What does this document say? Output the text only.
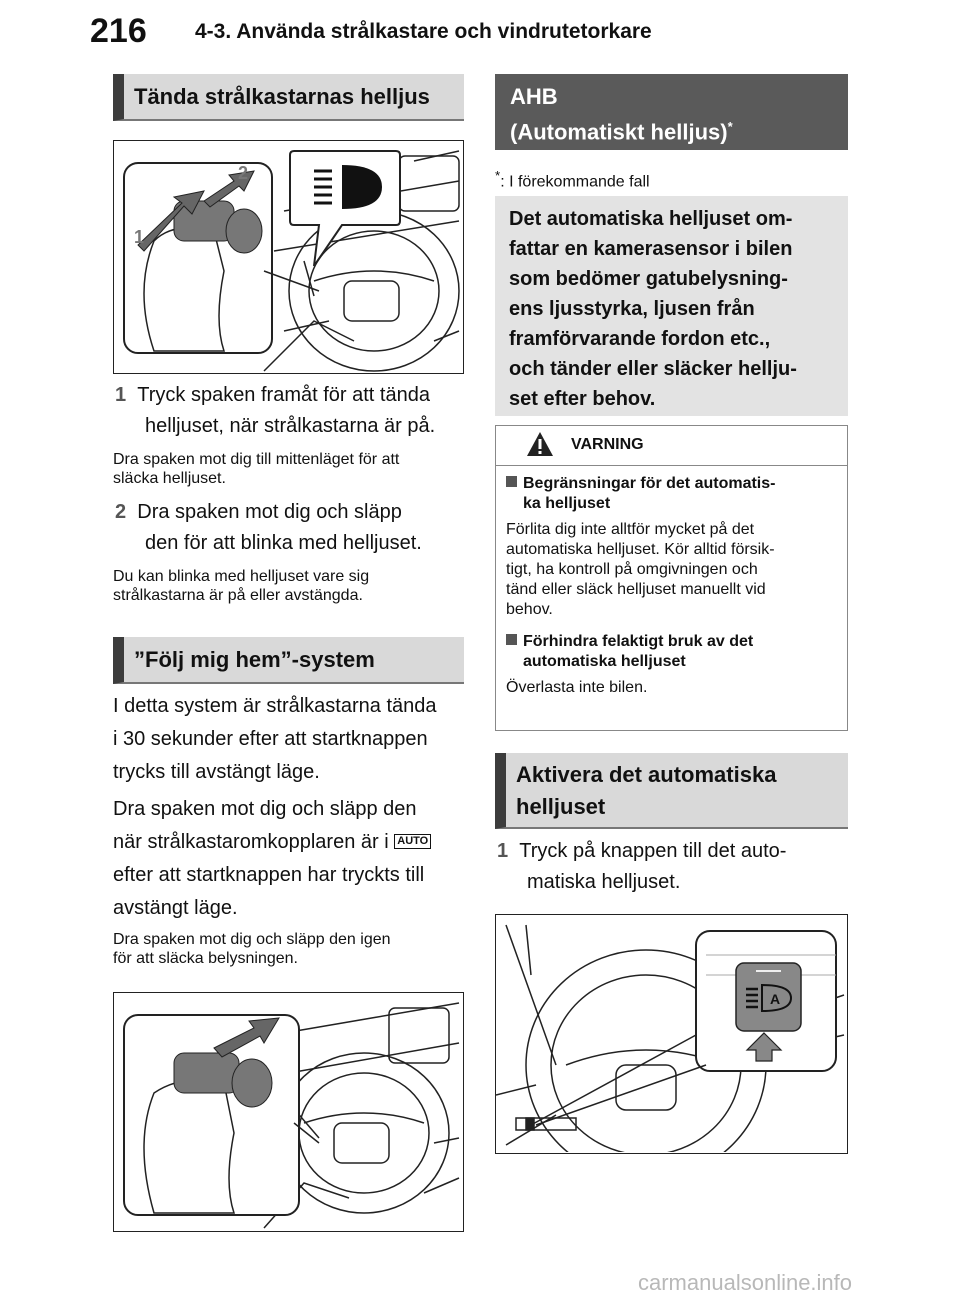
216 4-3. Använda strålkastare och vindrutetorkare
Tända strålkastarnas helljus
1
2
1 Tryck spaken framåt för att tända
helljuset, när strålkastarna är på.
Dra spaken mot dig till mittenläget för att
släcka helljuset.
2 Dra spaken mot dig och släpp
den för att blinka med helljuset.
Du kan blinka med helljuset vare sig
strålkastarna är på eller avstängda.
”Följ mig hem”-system
I detta system är strålkastarna tända
i 30 sekunder efter att startknappen
trycks till avstängt läge.
Dra spaken mot dig och släpp den
när strålkastaromkopplaren är i AUTO
efter att startknappen har tryckts till
avstängt läge.
Dra spaken mot dig och släpp den igen
för att släcka belysningen.
AHB
(Automatiskt helljus)*
*: I förekommande fall
Det automatiska helljuset om-
fattar en kamerasensor i bilen
som bedömer gatubelysning-
ens ljusstyrka, ljusen från
framförvarande fordon etc.,
och tänder eller släcker hellju-
set efter behov.
VARNING
Begränsningar för det automatis-
ka helljuset
Förlita dig inte alltför mycket på det
automatiska helljuset. Kör alltid försik-
tigt, ha kontroll på omgivningen och
tänd eller släck helljuset manuellt vid
behov.
Förhindra felaktigt bruk av det
automatiska helljuset
Överlasta inte bilen.
Aktivera det automatiska
helljuset
1 Tryck på knappen till det auto-
matiska helljuset.
A
carmanualsonline.info
